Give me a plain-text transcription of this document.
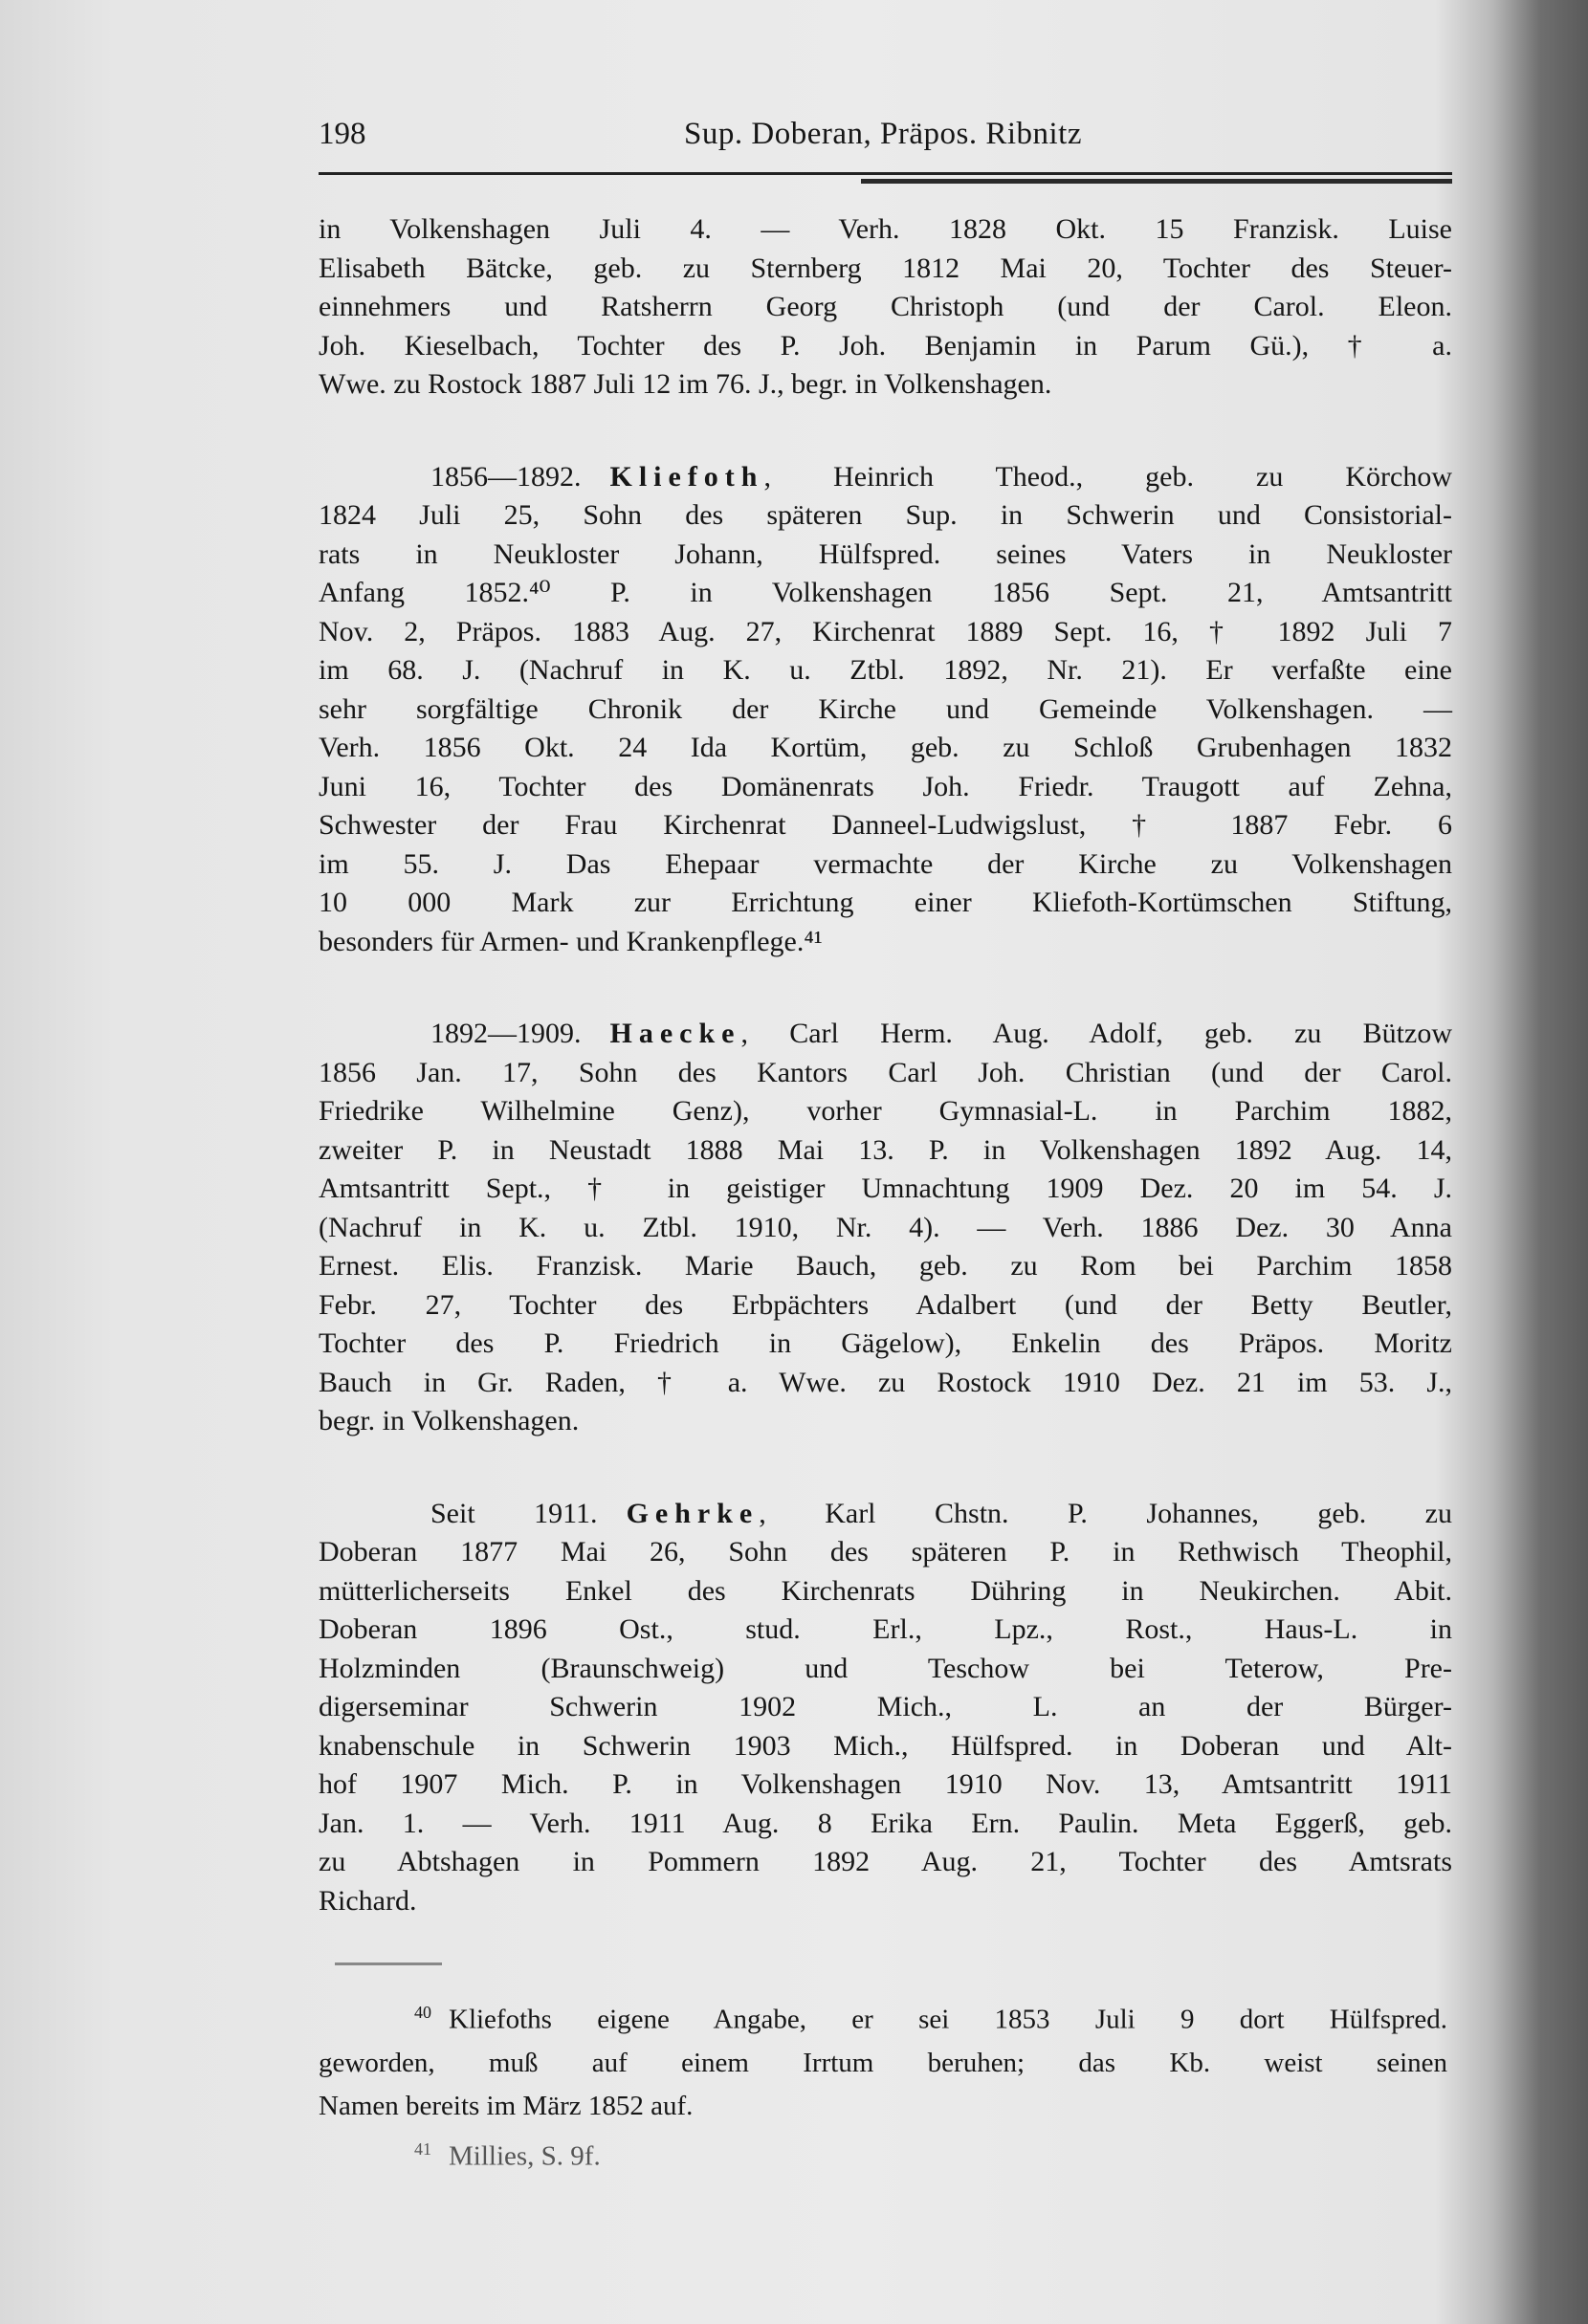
198	Sup. Doberan, Präpos. Ribnitz
in Volkenshagen Juli 4. — Verh. 1828 Okt. 15 Franzisk. Luise
Elisabeth Bätcke, geb. zu Sternberg 1812 Mai 20, Tochter des Steuer-
einnehmers und Ratsherrn Georg Christoph (und der Carol. Eleon.
Joh. Kieselbach, Tochter des P. Joh. Benjamin in Parum Gü.), † a.
Wwe. zu Rostock 1887 Juli 12 im 76. J., begr. in Volkenshagen.
1856—1892.  Kliefoth, Heinrich Theod., geb. zu Körchow
1824 Juli 25, Sohn des späteren Sup. in Schwerin und Consistorial-
rats in Neukloster Johann, Hülfspred. seines Vaters in Neukloster
Anfang 1852.⁴⁰ P. in Volkenshagen 1856 Sept. 21, Amtsantritt
Nov. 2, Präpos. 1883 Aug. 27, Kirchenrat 1889 Sept. 16, † 1892 Juli 7
im 68. J. (Nachruf in K. u. Ztbl. 1892, Nr. 21). Er verfaßte eine
sehr sorgfältige Chronik der Kirche und Gemeinde Volkenshagen. —
Verh. 1856 Okt. 24 Ida Kortüm, geb. zu Schloß Grubenhagen 1832
Juni 16, Tochter des Domänenrats Joh. Friedr. Traugott auf Zehna,
Schwester der Frau Kirchenrat Danneel-Ludwigslust, † 1887 Febr. 6
im 55. J. Das Ehepaar vermachte der Kirche zu Volkenshagen
10 000 Mark zur Errichtung einer Kliefoth-Kortümschen Stiftung,
besonders für Armen- und Krankenpflege.⁴¹
1892—1909.  Haecke, Carl Herm. Aug. Adolf, geb. zu Bützow
1856 Jan. 17, Sohn des Kantors Carl Joh. Christian (und der Carol.
Friedrike Wilhelmine Genz), vorher Gymnasial-L. in Parchim 1882,
zweiter P. in Neustadt 1888 Mai 13. P. in Volkenshagen 1892 Aug. 14,
Amtsantritt Sept., † in geistiger Umnachtung 1909 Dez. 20 im 54. J.
(Nachruf in K. u. Ztbl. 1910, Nr. 4). — Verh. 1886 Dez. 30 Anna
Ernest. Elis. Franzisk. Marie Bauch, geb. zu Rom bei Parchim 1858
Febr. 27, Tochter des Erbpächters Adalbert (und der Betty Beutler,
Tochter des P. Friedrich in Gägelow), Enkelin des Präpos. Moritz
Bauch in Gr. Raden, † a. Wwe. zu Rostock 1910 Dez. 21 im 53. J.,
begr. in Volkenshagen.
Seit 1911.  Gehrke, Karl Chstn. P. Johannes, geb. zu
Doberan 1877 Mai 26, Sohn des späteren P. in Rethwisch Theophil,
mütterlicherseits Enkel des Kirchenrats Dühring in Neukirchen. Abit.
Doberan 1896 Ost., stud. Erl., Lpz., Rost., Haus-L. in
Holzminden (Braunschweig) und Teschow bei Teterow, Pre-
digerseminar Schwerin 1902 Mich., L. an der Bürger-
knabenschule in Schwerin 1903 Mich., Hülfspred. in Doberan und Alt-
hof 1907 Mich. P. in Volkenshagen 1910 Nov. 13, Amtsantritt 1911
Jan. 1. — Verh. 1911 Aug. 8 Erika Ern. Paulin. Meta Eggerß, geb.
zu Abtshagen in Pommern 1892 Aug. 21, Tochter des Amtsrats
Richard.
$^{40}$ Kliefoths eigene Angabe, er sei 1853 Juli 9 dort Hülfspred.
geworden, muß auf einem Irrtum beruhen; das Kb. weist seinen
Namen bereits im März 1852 auf.
$^{41}$ Millies, S. 9f.
